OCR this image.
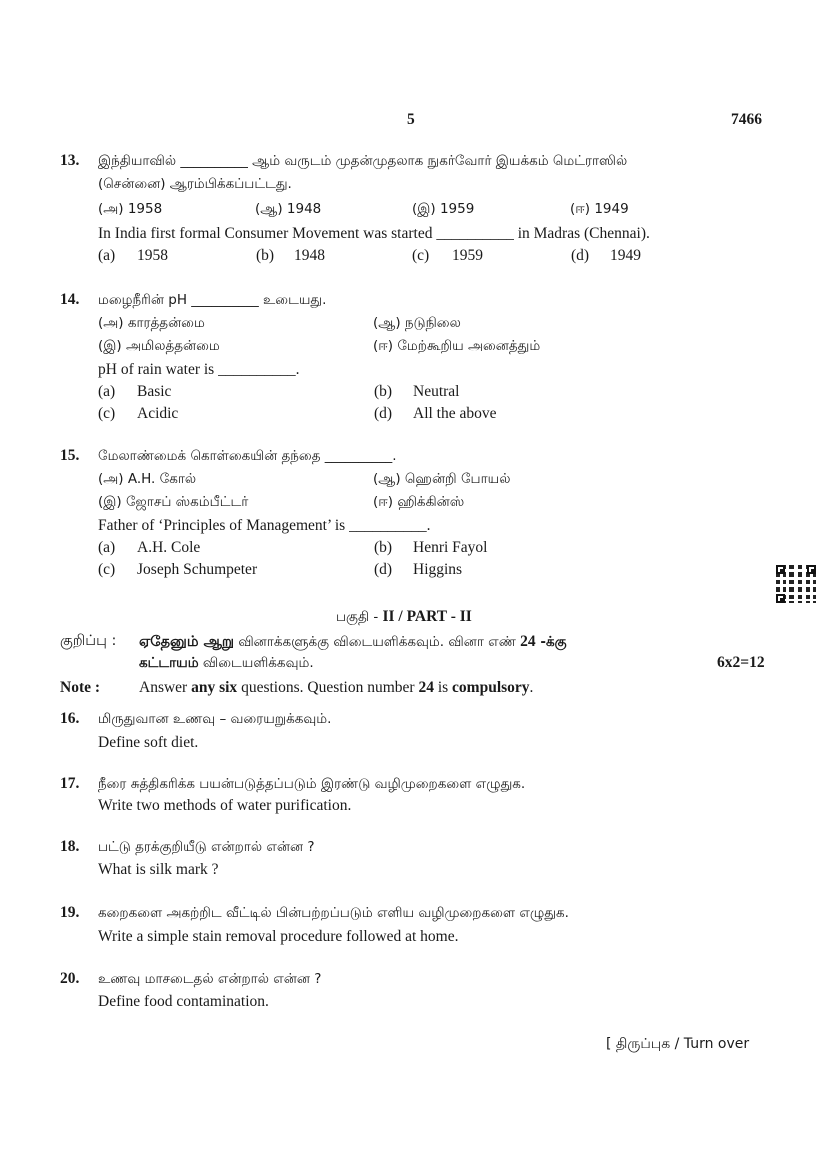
5	7466
13. இந்தியாவில் __________ ஆம் வருடம் முதன்முதலாக நுகர்வோர் இயக்கம் மெட்ராஸில்
(சென்னை) ஆரம்பிக்கப்பட்டது.
(அ) 1958	(ஆ) 1948	(இ) 1959	(ஈ) 1949
In India first formal Consumer Movement was started __________ in Madras (Chennai).
(a) 1958	(b) 1948	(c) 1959	(d) 1949
14. மழைநீரின் pH __________ உடையது.
(அ) காரத்தன்மை	(ஆ) நடுநிலை
(இ) அமிலத்தன்மை	(ஈ) மேற்கூறிய அனைத்தும்
pH of rain water is __________.
(a) Basic	(b) Neutral
(c) Acidic	(d) All the above
15. மேலாண்மைக் கொள்கையின் தந்தை __________.
(அ) A.H. கோல்	(ஆ) ஹென்றி போயல்
(இ) ஜோசப் ஸ்கம்பீட்டர்	(ஈ) ஹிக்கின்ஸ்
Father of ‘Principles of Management’ is __________.
(a) A.H. Cole	(b) Henri Fayol
(c) Joseph Schumpeter	(d) Higgins
பகுதி - II / PART - II
குறிப்பு : ஏதேனும் ஆறு வினாக்களுக்கு விடையளிக்கவும். வினா எண் 24 -க்கு
கட்டாயம் விடையளிக்கவும்.	6x2=12
Note :	Answer any six questions. Question number 24 is compulsory.
16. மிருதுவான உணவு – வரையறுக்கவும்.
Define soft diet.
17. நீரை சுத்திகரிக்க பயன்படுத்தப்படும் இரண்டு வழிமுறைகளை எழுதுக.
Write two methods of water purification.
18. பட்டு தரக்குறியீடு என்றால் என்ன ?
What is silk mark ?
19. கறைகளை அகற்றிட வீட்டில் பின்பற்றப்படும் எளிய வழிமுறைகளை எழுதுக.
Write a simple stain removal procedure followed at home.
20. உணவு மாசடைதல் என்றால் என்ன ?
Define food contamination.
[ திருப்புக / Turn over
